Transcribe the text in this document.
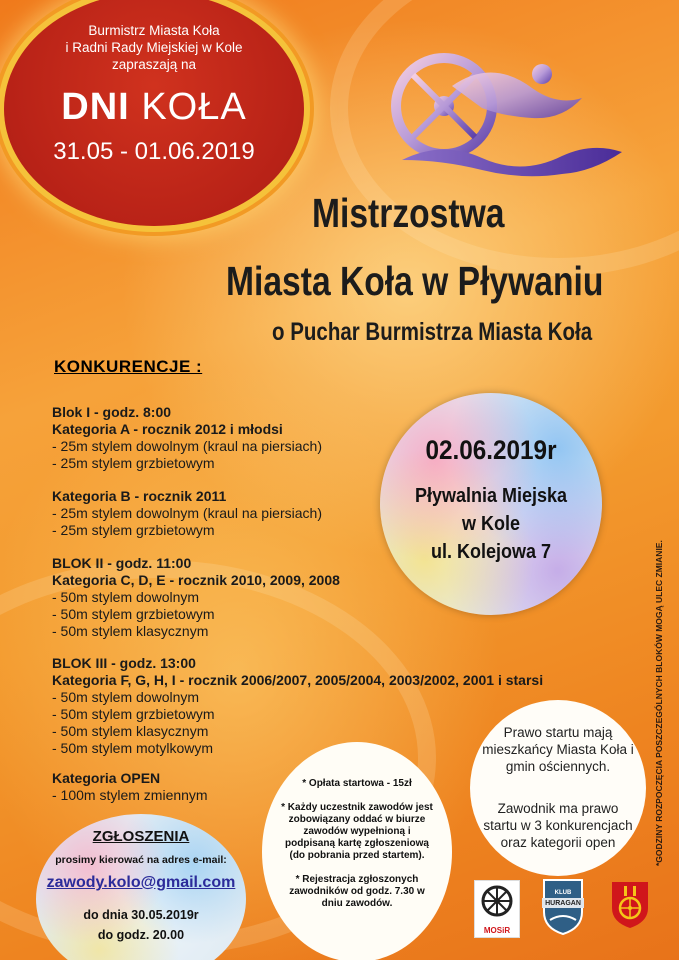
Burmistrz Miasta Koła
i Radni Rady Miejskiej w Kole
zapraszają na
DNI KOŁA
31.05 - 01.06.2019
Mistrzostwa
Miasta Koła w Pływaniu
o Puchar Burmistrza Miasta Koła
KONKURENCJE :
Blok I - godz. 8:00
Kategoria A - rocznik 2012 i młodsi
- 25m stylem dowolnym (kraul na piersiach)
- 25m stylem grzbietowym
Kategoria B - rocznik 2011
- 25m stylem dowolnym (kraul na piersiach)
- 25m stylem grzbietowym
BLOK II - godz. 11:00
Kategoria C, D, E - rocznik 2010, 2009, 2008
- 50m stylem dowolnym
- 50m stylem grzbietowym
- 50m stylem klasycznym
BLOK III - godz. 13:00
Kategoria F, G, H, I - rocznik 2006/2007, 2005/2004, 2003/2002, 2001 i starsi
- 50m stylem dowolnym
- 50m stylem grzbietowym
- 50m stylem klasycznym
- 50m stylem motylkowym
Kategoria OPEN
- 100m stylem zmiennym
02.06.2019r
Pływalnia Miejska
w Kole
ul. Kolejowa 7
Prawo startu mają mieszkańcy Miasta Koła i gmin ościennych.
Zawodnik ma prawo startu w 3 konkurencjach oraz kategorii open
* Opłata startowa - 15zł
* Każdy uczestnik zawodów jest zobowiązany oddać w biurze zawodów wypełnioną i podpisaną kartę zgłoszeniową (do pobrania przed startem).
* Rejestracja zgłoszonych zawodników od godz. 7.30 w dniu zawodów.
ZGŁOSZENIA
prosimy kierować na adres e-mail:
zawody.kolo@gmail.com
do dnia 30.05.2019r
do godz. 20.00
*GODZINY ROZPOCZĘCIA POSZCZEGÓLNYCH BLOKÓW MOGĄ ULEC ZMIANIE.
MOSiR
KLUB
HURAGAN
